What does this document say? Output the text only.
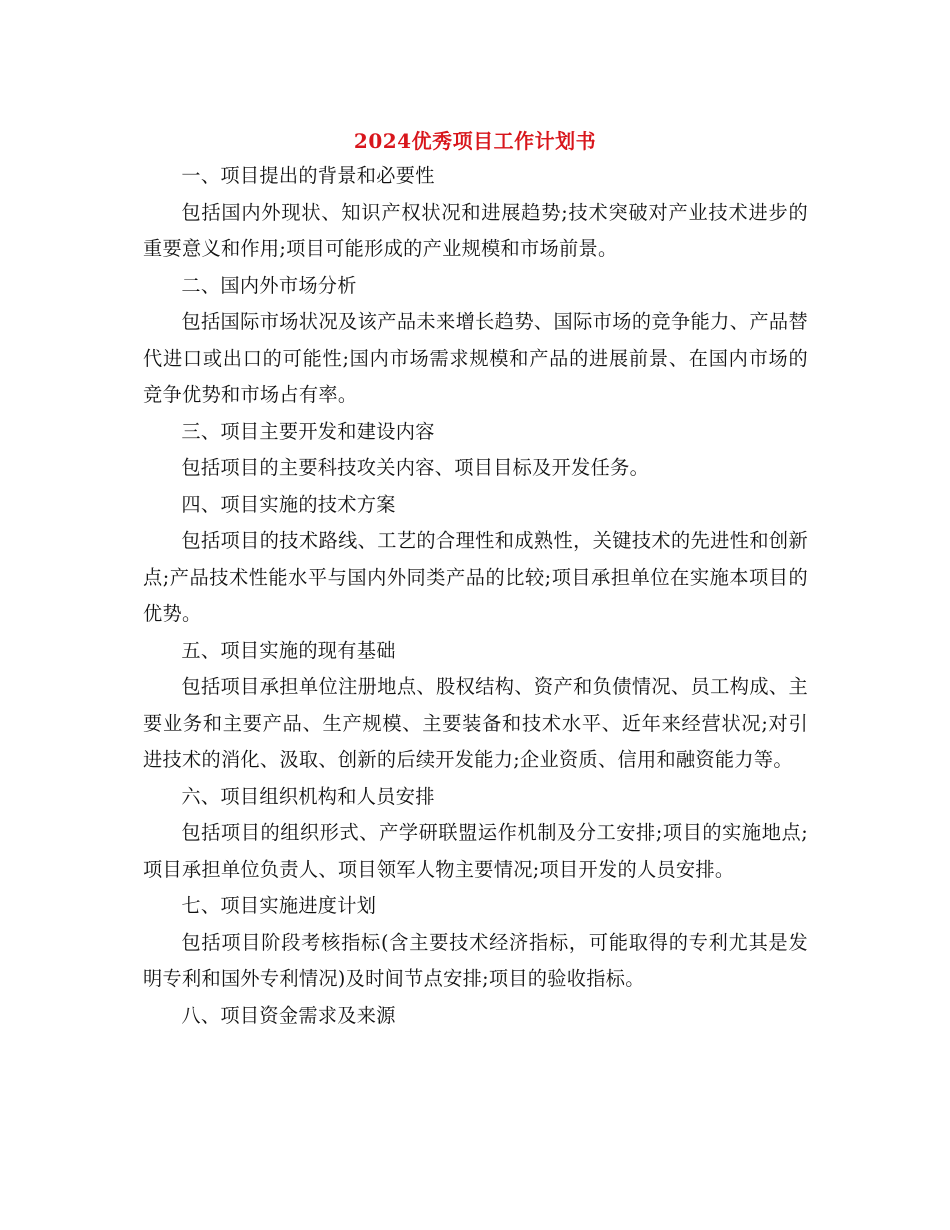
2024优秀项目工作计划书

一、项目提出的背景和必要性

包括国内外现状、知识产权状况和进展趋势;技术突破对产业技术进步的重要意义和作用;项目可能形成的产业规模和市场前景。

二、国内外市场分析

包括国际市场状况及该产品未来增长趋势、国际市场的竞争能力、产品替代进口或出口的可能性;国内市场需求规模和产品的进展前景、在国内市场的竞争优势和市场占有率。

三、项目主要开发和建设内容

包括项目的主要科技攻关内容、项目目标及开发任务。

四、项目实施的技术方案

包括项目的技术路线、工艺的合理性和成熟性，关键技术的先进性和创新点;产品技术性能水平与国内外同类产品的比较;项目承担单位在实施本项目的优势。

五、项目实施的现有基础

包括项目承担单位注册地点、股权结构、资产和负债情况、员工构成、主要业务和主要产品、生产规模、主要装备和技术水平、近年来经营状况;对引进技术的消化、汲取、创新的后续开发能力;企业资质、信用和融资能力等。

六、项目组织机构和人员安排

包括项目的组织形式、产学研联盟运作机制及分工安排;项目的实施地点;项目承担单位负责人、项目领军人物主要情况;项目开发的人员安排。

七、项目实施进度计划

包括项目阶段考核指标(含主要技术经济指标，可能取得的专利尤其是发明专利和国外专利情况)及时间节点安排;项目的验收指标。

八、项目资金需求及来源
